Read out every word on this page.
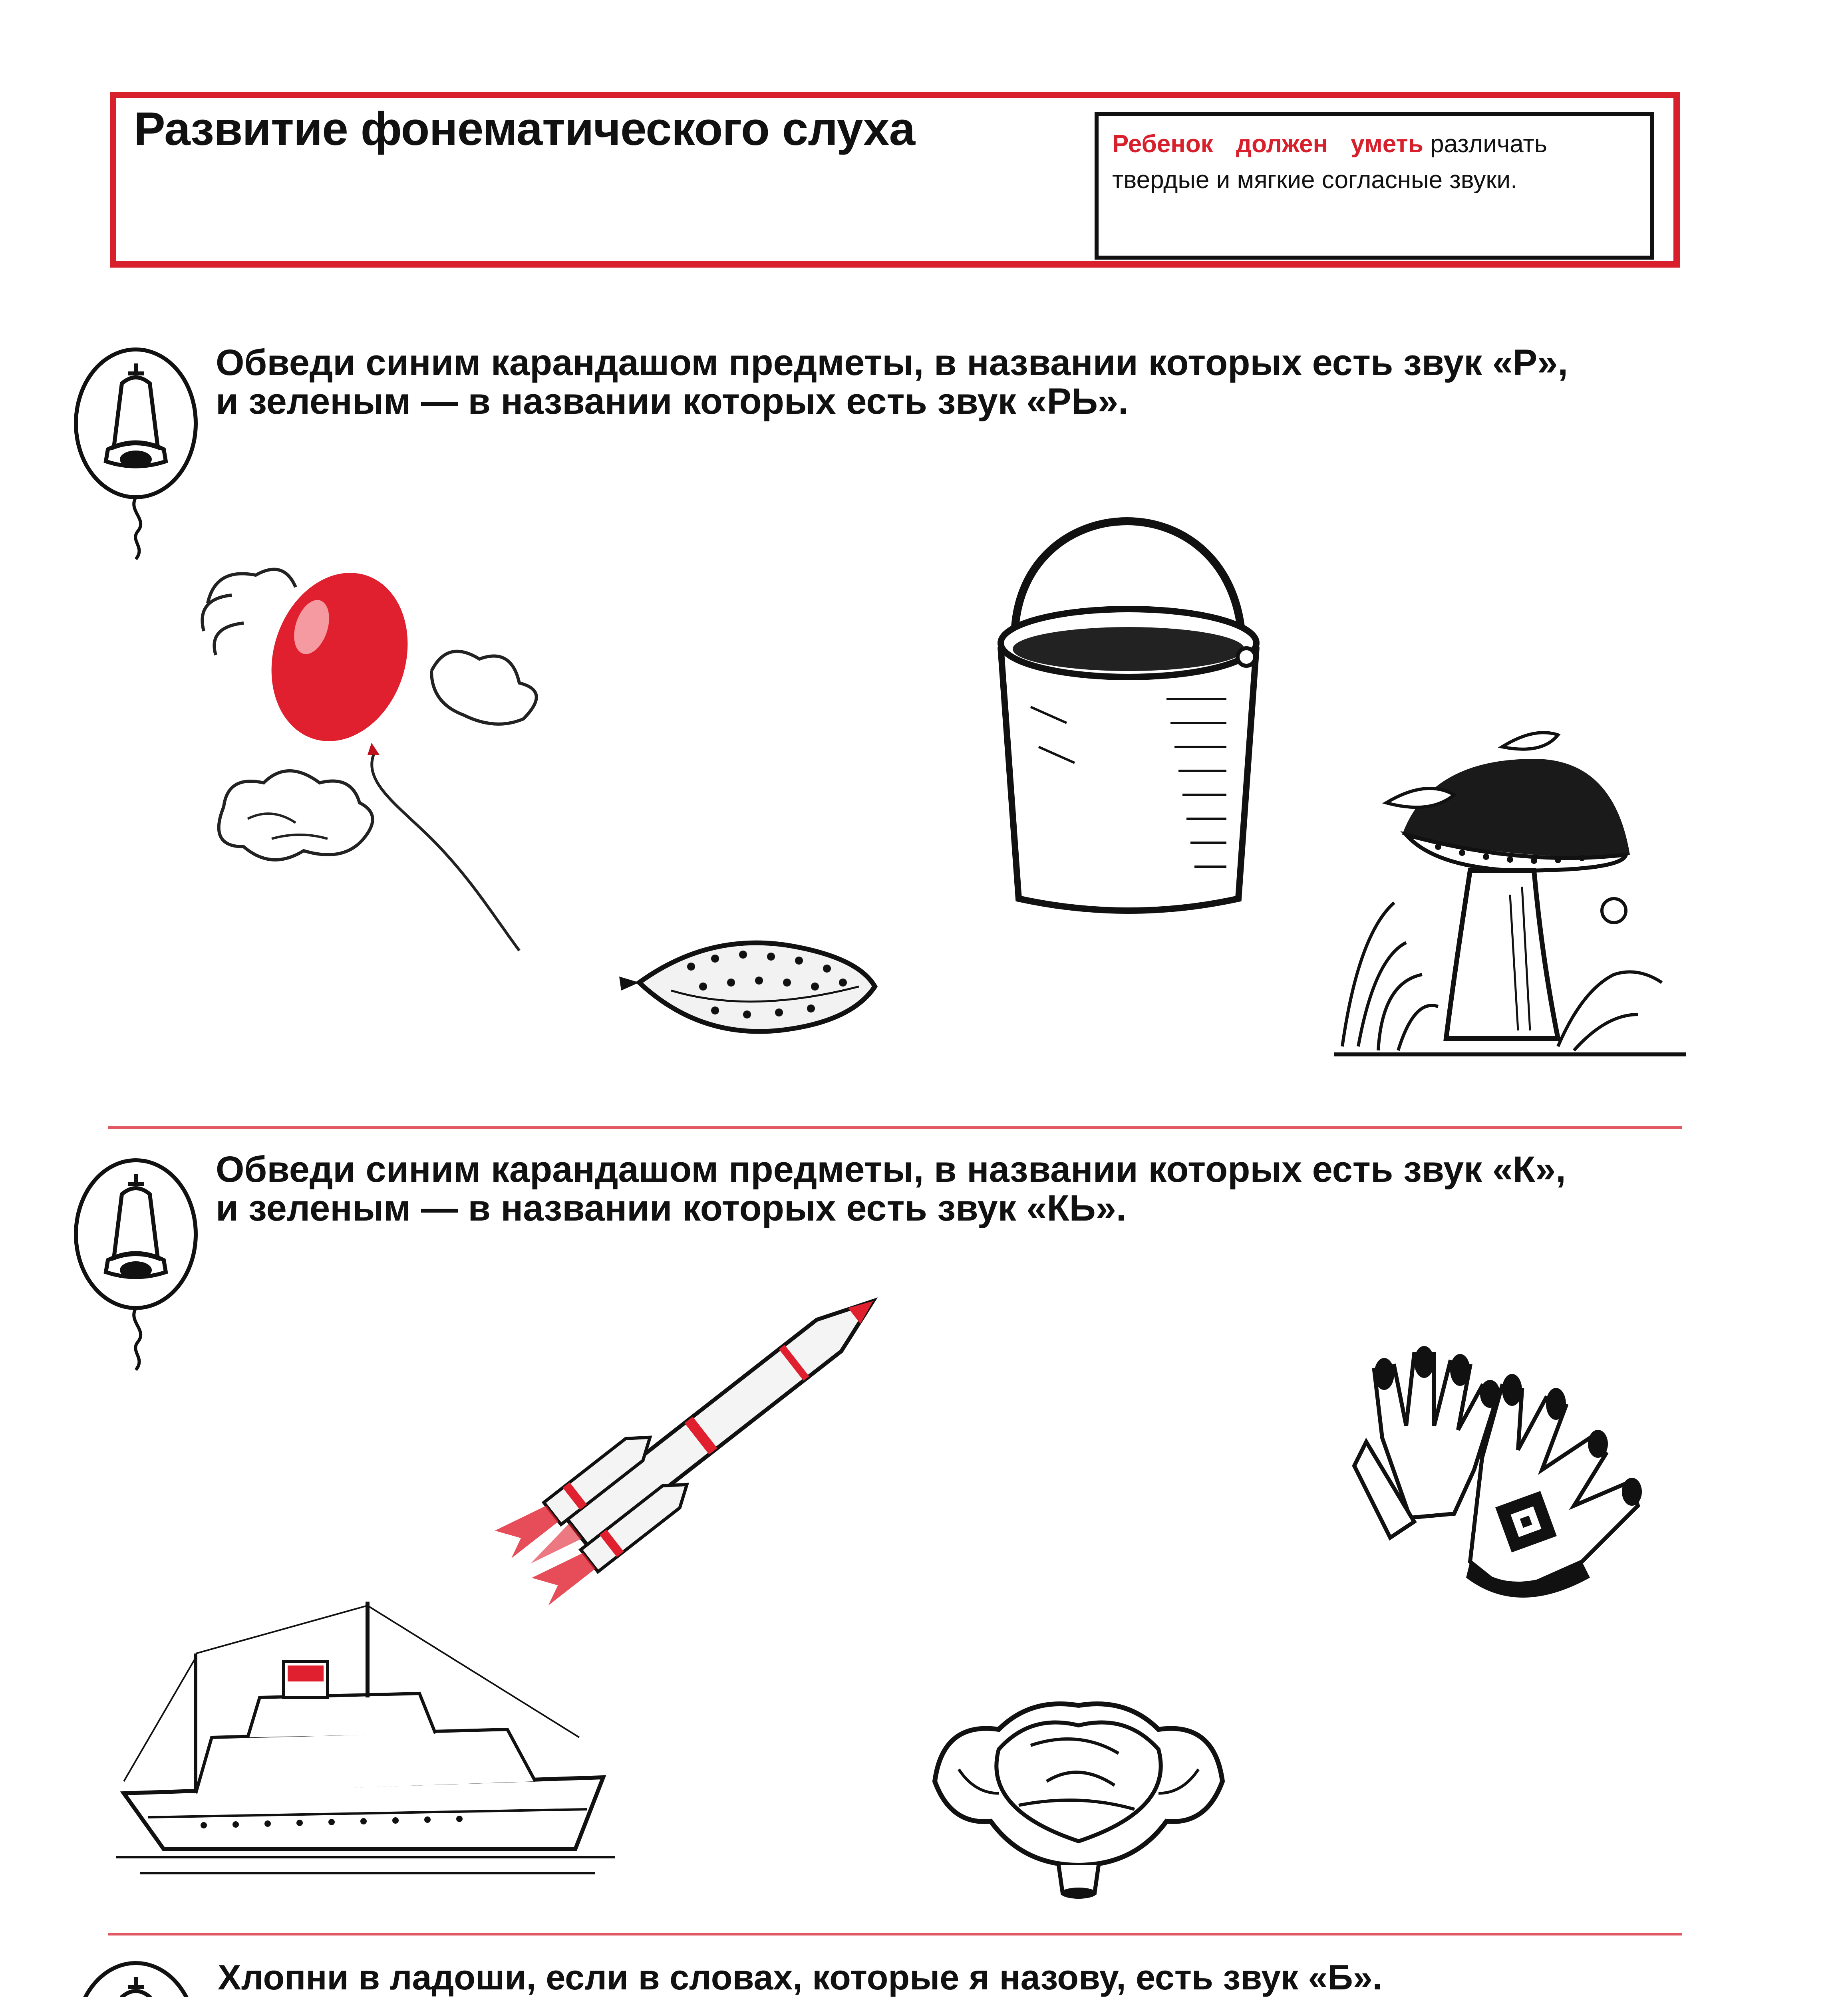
Развитие фонематического слуха	Ребенок должен уметь различать твердые и мягкие согласные звуки.
Обведи синим карандашом предметы, в названии которых есть звук «Р»,
и зеленым — в названии которых есть звук «РЬ».
Обведи синим карандашом предметы, в названии которых есть звук «К»,
и зеленым — в названии которых есть звук «КЬ».
Хлопни в ладоши, если в словах, которые я назову, есть звук «Б».
